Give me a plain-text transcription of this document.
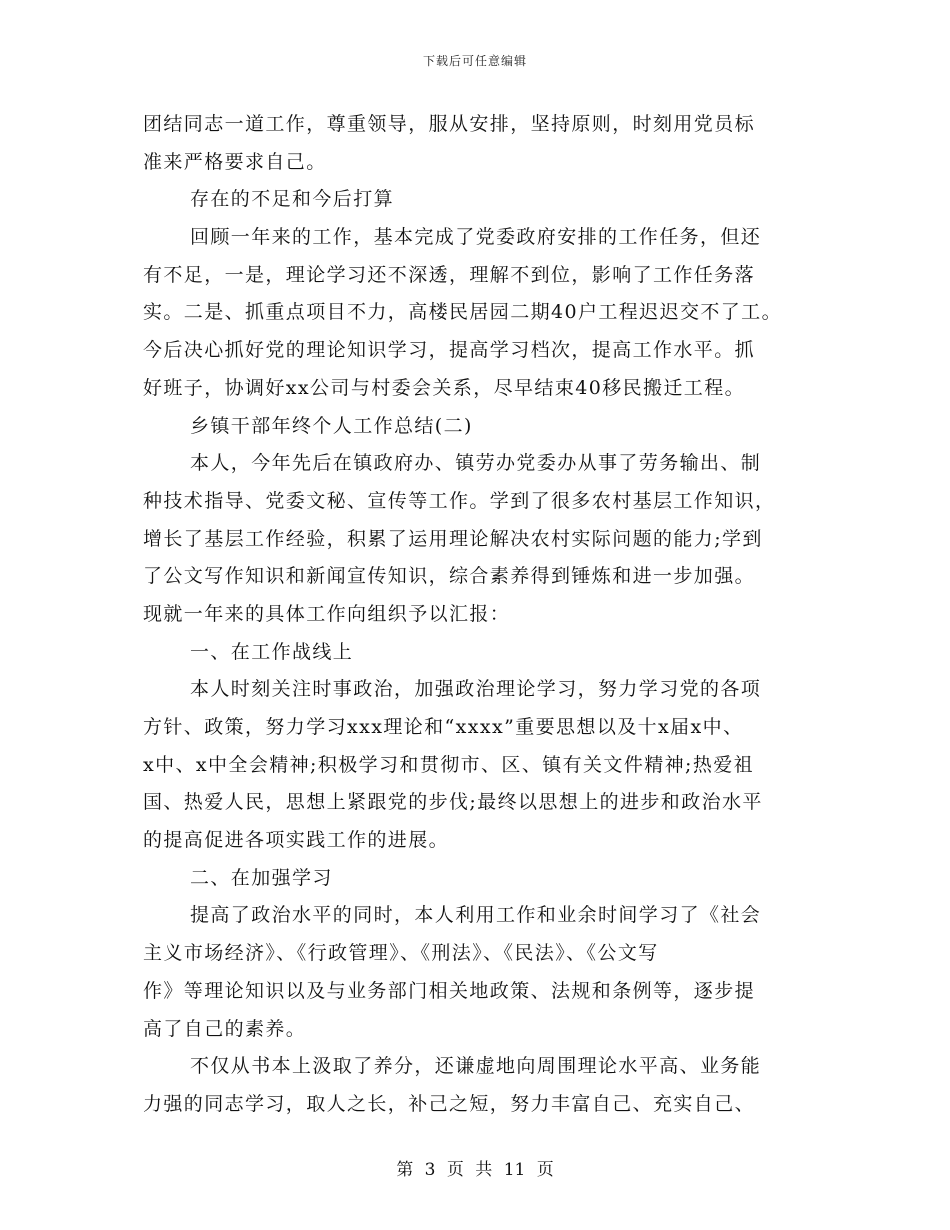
下载后可任意编辑
团结同志一道工作，尊重领导，服从安排，坚持原则，时刻用党员标
准来严格要求自己。
存在的不足和今后打算
回顾一年来的工作，基本完成了党委政府安排的工作任务，但还
有不足，一是，理论学习还不深透，理解不到位，影响了工作任务落
实。二是、抓重点项目不力，高楼民居园二期40户工程迟迟交不了工。
今后决心抓好党的理论知识学习，提高学习档次，提高工作水平。抓
好班子，协调好xx公司与村委会关系，尽早结束40移民搬迁工程。
乡镇干部年终个人工作总结(二)
本人，今年先后在镇政府办、镇劳办党委办从事了劳务输出、制
种技术指导、党委文秘、宣传等工作。学到了很多农村基层工作知识，
增长了基层工作经验，积累了运用理论解决农村实际问题的能力;学到
了公文写作知识和新闻宣传知识，综合素养得到锤炼和进一步加强。
现就一年来的具体工作向组织予以汇报：
一、在工作战线上
本人时刻关注时事政治，加强政治理论学习，努力学习党的各项
方针、政策，努力学习xxx理论和“xxxx”重要思想以及十x届x中、
x中、x中全会精神;积极学习和贯彻市、区、镇有关文件精神;热爱祖
国、热爱人民，思想上紧跟党的步伐;最终以思想上的进步和政治水平
的提高促进各项实践工作的进展。
二、在加强学习
提高了政治水平的同时，本人利用工作和业余时间学习了《社会
主义市场经济》、《行政管理》、《刑法》、《民法》、《公文写
作》等理论知识以及与业务部门相关地政策、法规和条例等，逐步提
高了自己的素养。
不仅从书本上汲取了养分，还谦虚地向周围理论水平高、业务能
力强的同志学习，取人之长，补己之短，努力丰富自己、充实自己、
第 3 页 共 11 页
